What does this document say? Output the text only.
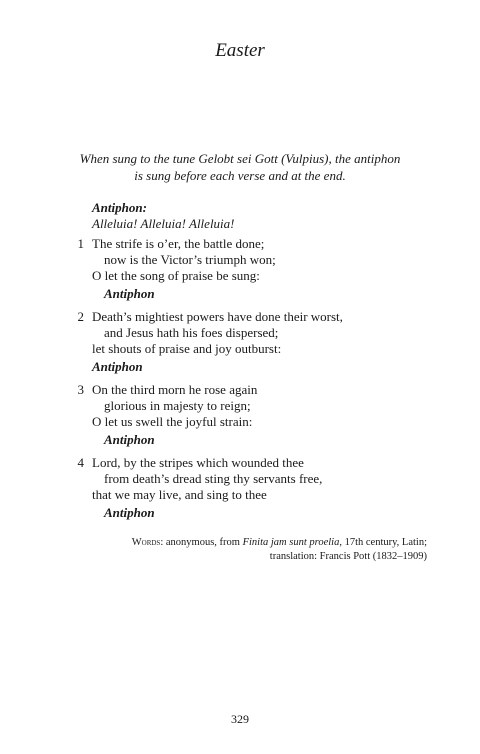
Easter
When sung to the tune Gelobt sei Gott (Vulpius), the antiphon
is sung before each verse and at the end.
Antiphon:
Alleluia! Alleluia! Alleluia!
1 The strife is o’er, the battle done;
now is the Victor’s triumph won;
O let the song of praise be sung:
Antiphon
2 Death’s mightiest powers have done their worst,
and Jesus hath his foes dispersed;
let shouts of praise and joy outburst:
Antiphon
3 On the third morn he rose again
glorious in majesty to reign;
O let us swell the joyful strain:
Antiphon
4 Lord, by the stripes which wounded thee
from death’s dread sting thy servants free,
that we may live, and sing to thee
Antiphon
Words: anonymous, from Finita jam sunt proelia, 17th century, Latin;
translation: Francis Pott (1832–1909)
329
